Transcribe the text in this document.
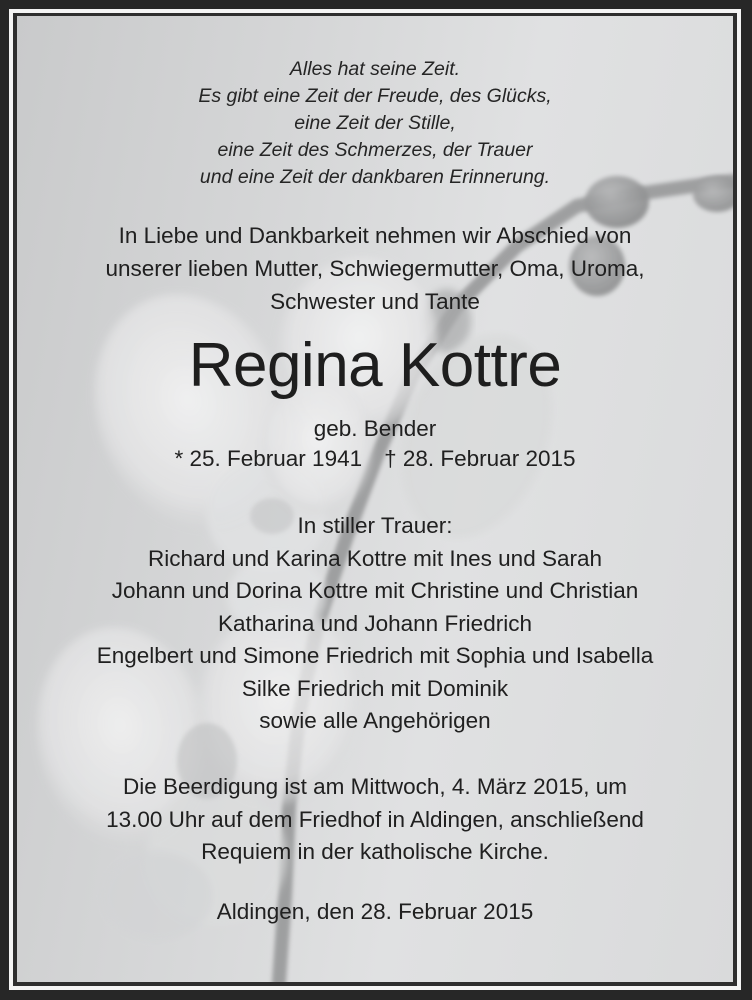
Alles hat seine Zeit.
Es gibt eine Zeit der Freude, des Glücks,
eine Zeit der Stille,
eine Zeit des Schmerzes, der Trauer
und eine Zeit der dankbaren Erinnerung.
In Liebe und Dankbarkeit nehmen wir Abschied von
unserer lieben Mutter, Schwiegermutter, Oma, Uroma,
Schwester und Tante
Regina Kottre
geb. Bender
* 25. Februar 1941 † 28. Februar 2015
In stiller Trauer:
Richard und Karina Kottre mit Ines und Sarah
Johann und Dorina Kottre mit Christine und Christian
Katharina und Johann Friedrich
Engelbert und Simone Friedrich mit Sophia und Isabella
Silke Friedrich mit Dominik
sowie alle Angehörigen
Die Beerdigung ist am Mittwoch, 4. März 2015, um
13.00 Uhr auf dem Friedhof in Aldingen, anschließend
Requiem in der katholische Kirche.
Aldingen, den 28. Februar 2015
